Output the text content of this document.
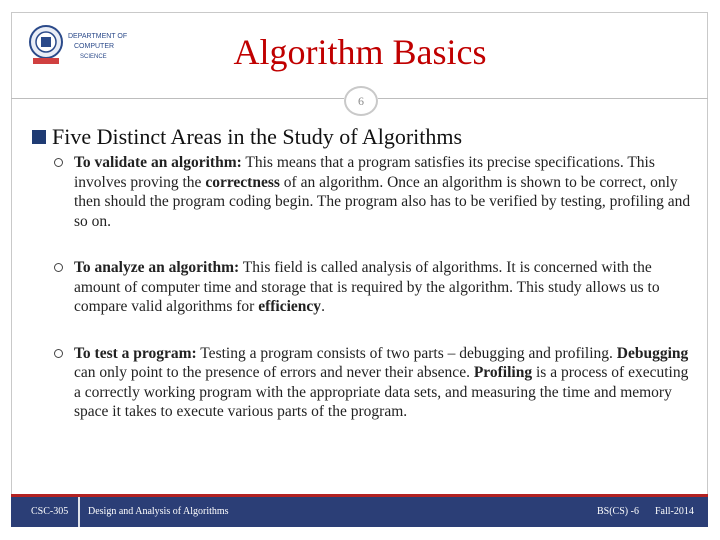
DEPARTMENT OF
COMPUTER
SCIENCE	Algorithm Basics
6
Five Distinct Areas in the Study of Algorithms
To validate an algorithm: This means that a program satisfies its precise specifications. This involves proving the correctness of an algorithm. Once an algorithm is shown to be correct, only then should the program coding begin. The program also has to be verified by testing, profiling and so on.
To analyze an algorithm: This field is called analysis of algorithms. It is concerned with the amount of computer time and storage that is required by the algorithm. This study allows us to compare valid algorithms for efficiency.
To test a program: Testing a program consists of two parts – debugging and profiling. Debugging can only point to the presence of errors and never their absence. Profiling is a process of executing a correctly working program with the appropriate data sets, and measuring the time and memory space it takes to execute various parts of the program.
CSC-305 Design and Analysis of Algorithms	BS(CS) -6 Fall-2014
